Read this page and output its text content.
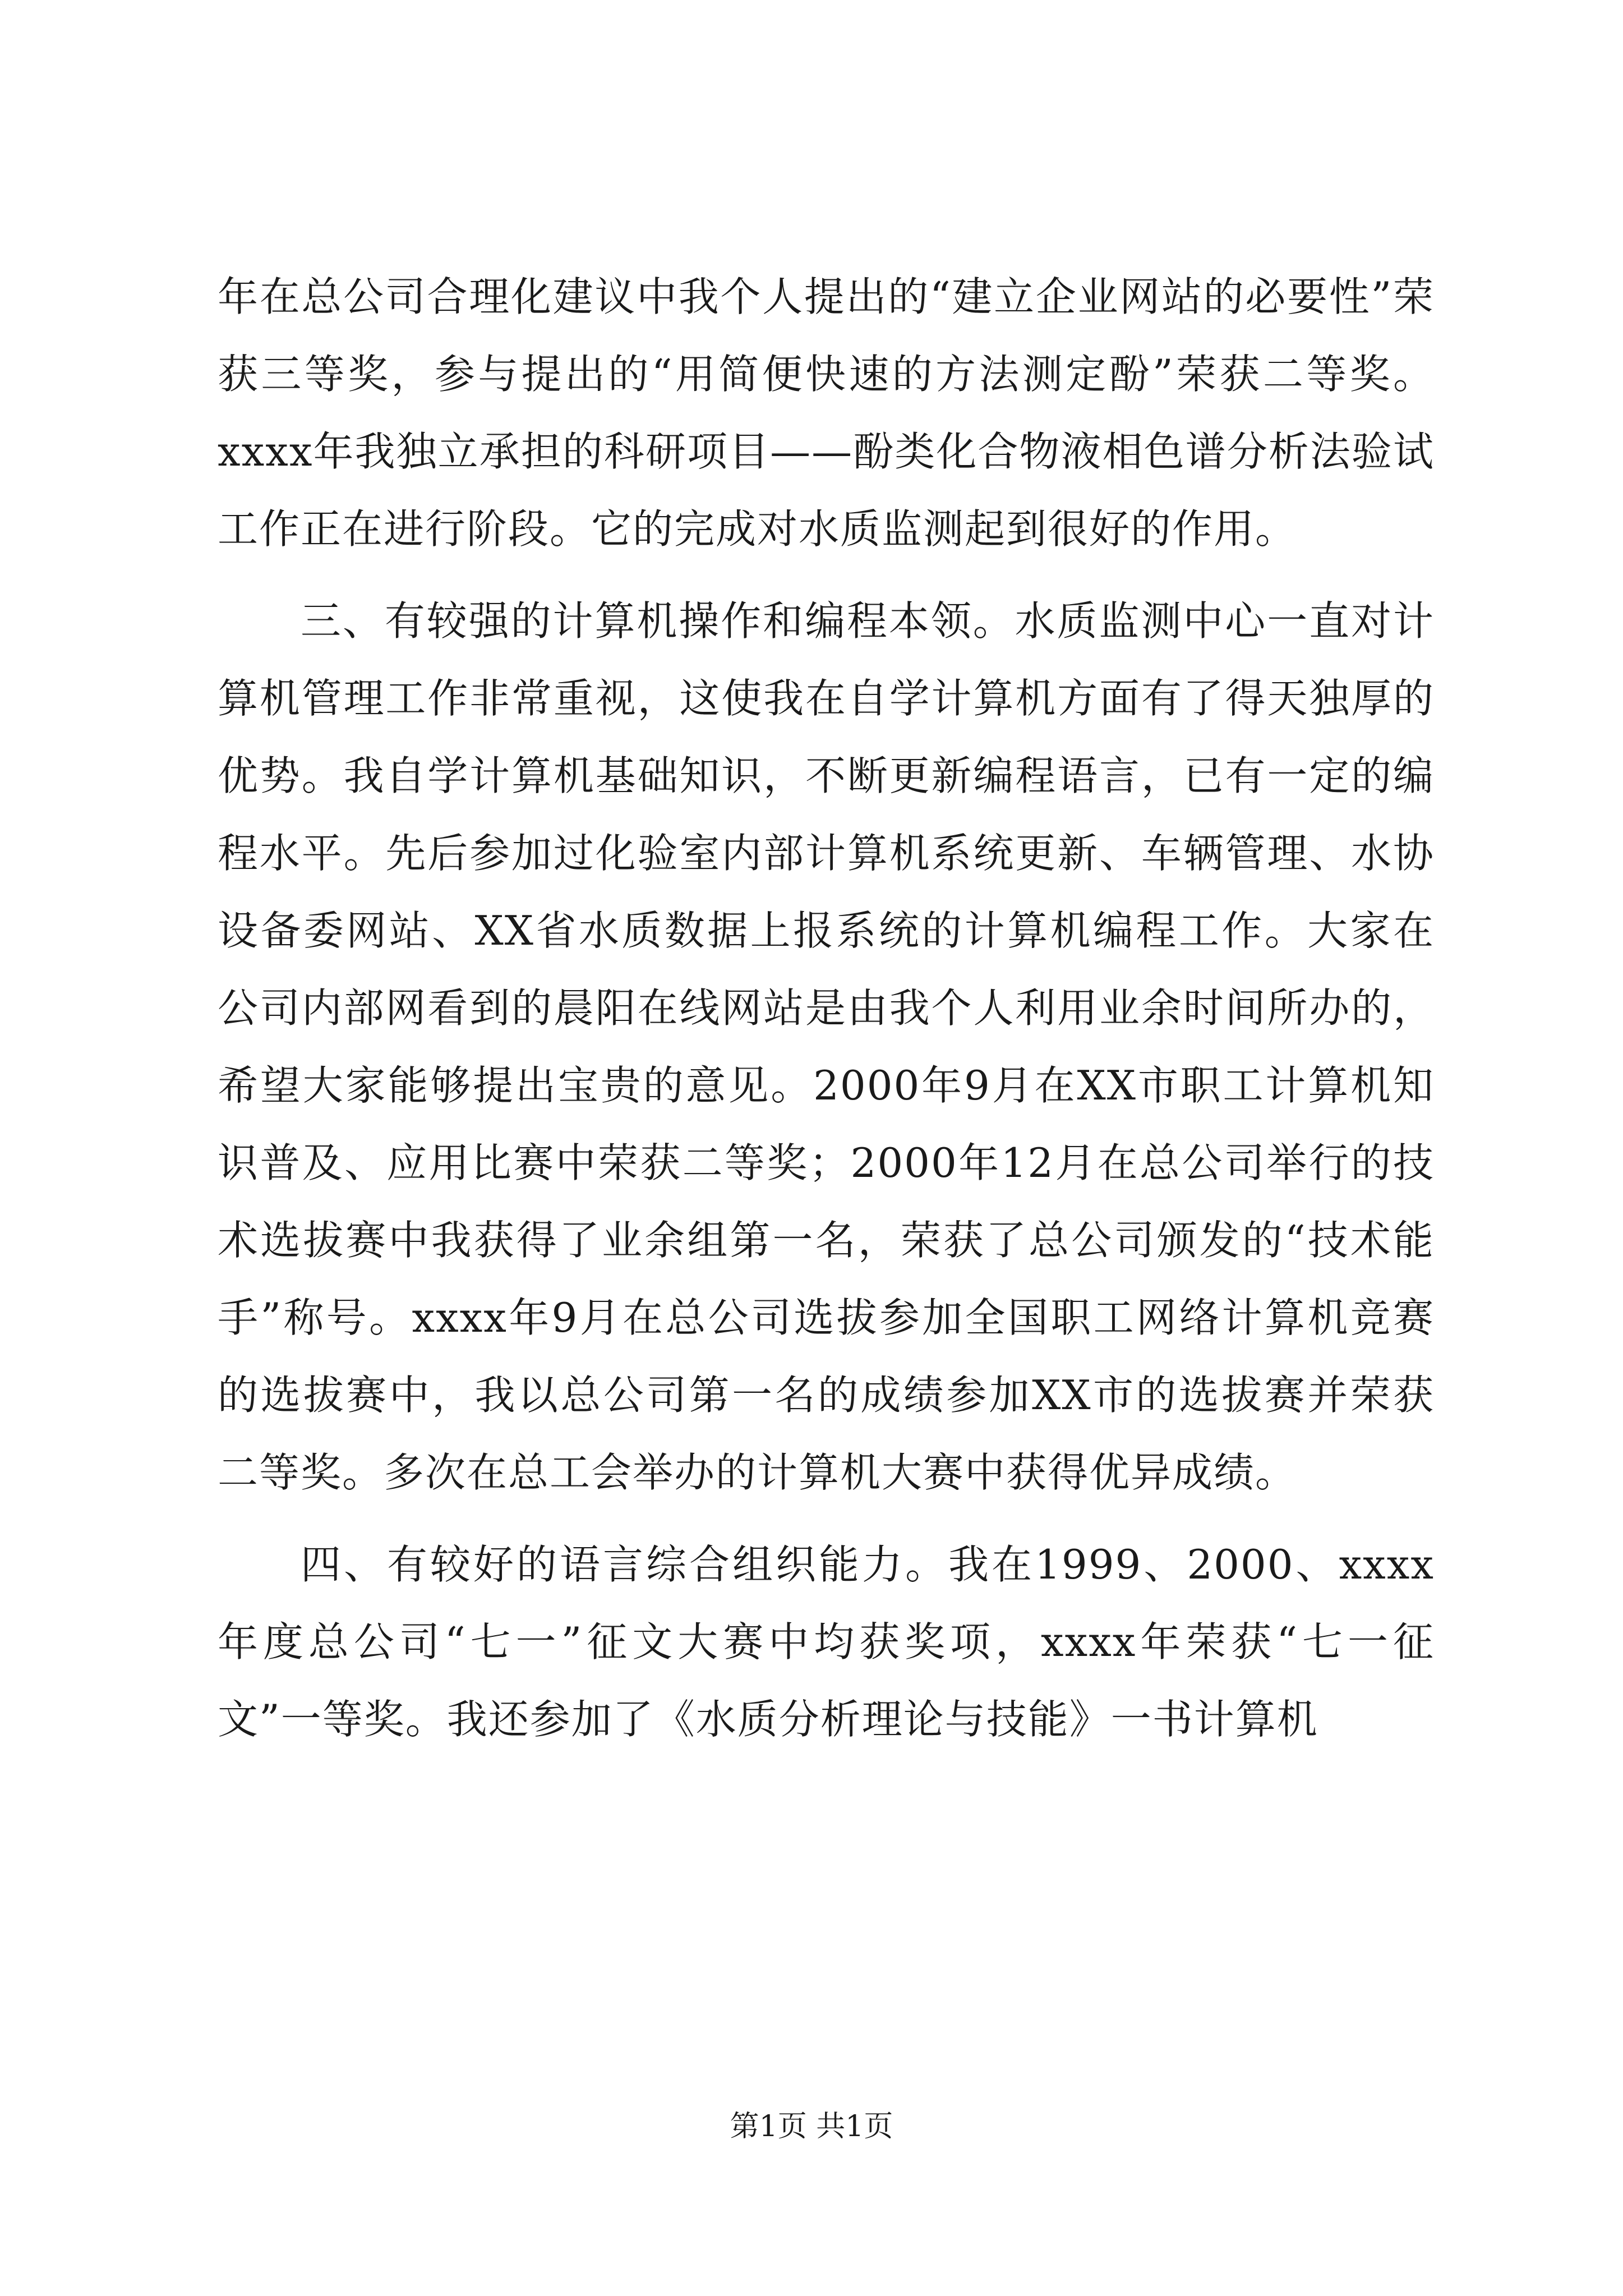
年在总公司合理化建议中我个人提出的“建立企业网站的必要性”荣获三等奖，参与提出的“用简便快速的方法测定酚”荣获二等奖。xxxx年我独立承担的科研项目——酚类化合物液相色谱分析法验试工作正在进行阶段。它的完成对水质监测起到很好的作用。

三、有较强的计算机操作和编程本领。水质监测中心一直对计算机管理工作非常重视，这使我在自学计算机方面有了得天独厚的优势。我自学计算机基础知识，不断更新编程语言，已有一定的编程水平。先后参加过化验室内部计算机系统更新、车辆管理、水协设备委网站、XX省水质数据上报系统的计算机编程工作。大家在公司内部网看到的晨阳在线网站是由我个人利用业余时间所办的，希望大家能够提出宝贵的意见。2000年9月在XX市职工计算机知识普及、应用比赛中荣获二等奖；2000年12月在总公司举行的技术选拔赛中我获得了业余组第一名，荣获了总公司颁发的“技术能手”称号。xxxx年9月在总公司选拔参加全国职工网络计算机竞赛的选拔赛中，我以总公司第一名的成绩参加XX市的选拔赛并荣获二等奖。多次在总工会举办的计算机大赛中获得优异成绩。

四、有较好的语言综合组织能力。我在1999、2000、xxxx年度总公司“七一”征文大赛中均获奖项，xxxx年荣获“七一征文”一等奖。我还参加了《水质分析理论与技能》一书计算机

第1页 共1页
